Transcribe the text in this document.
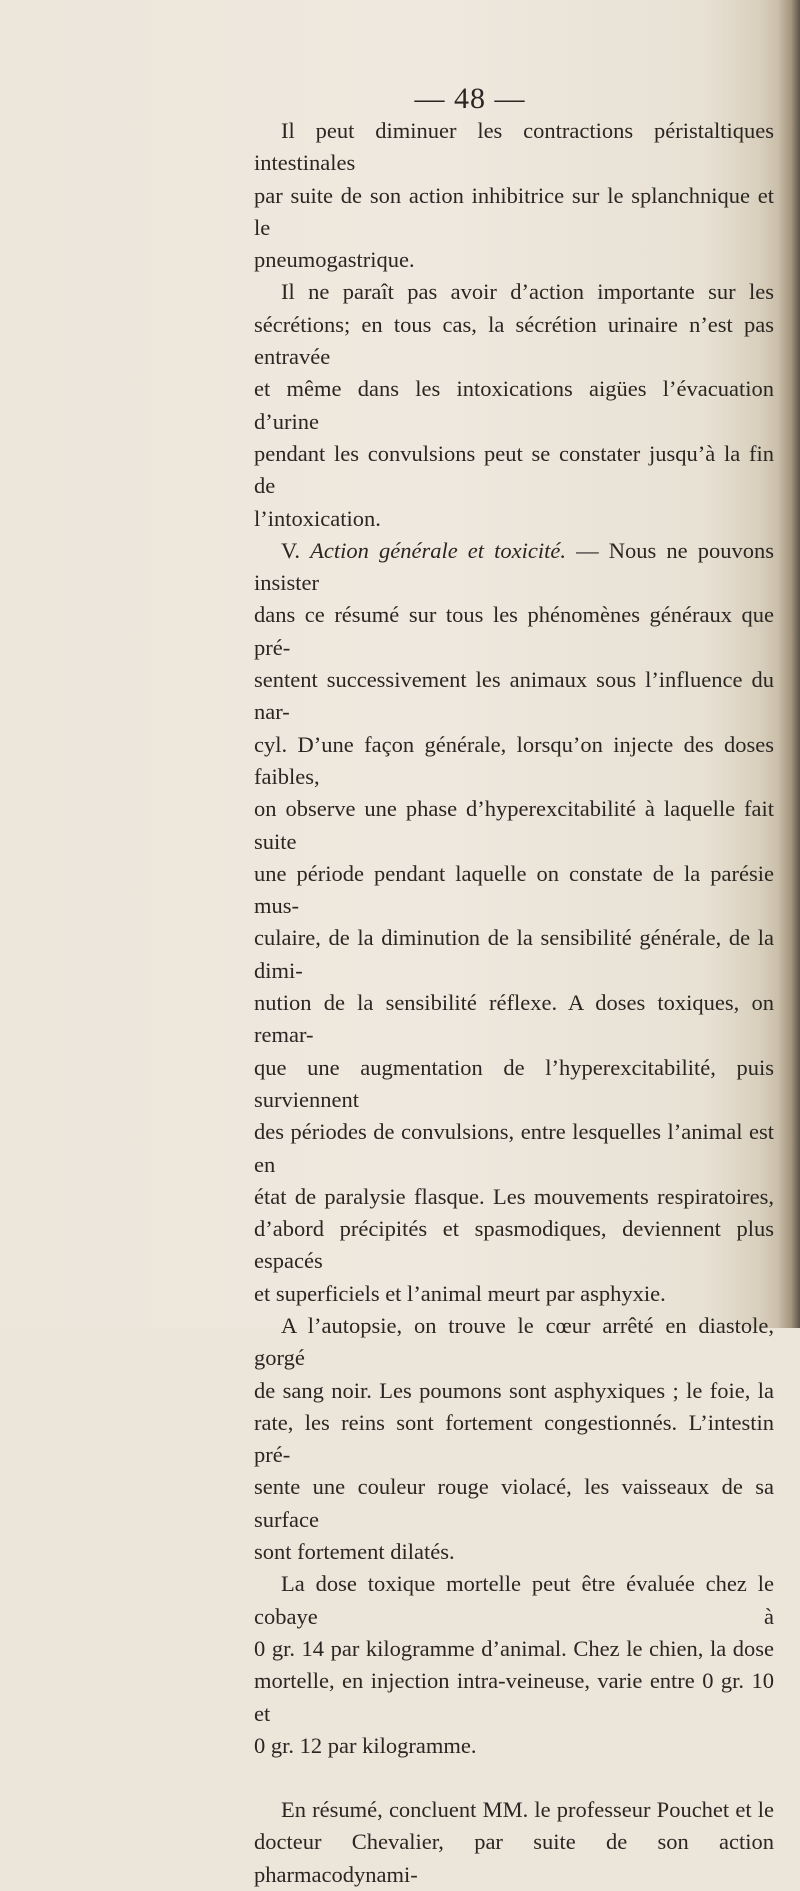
— 48 —

Il peut diminuer les contractions péristaltiques intestinales

par suite de son action inhibitrice sur le splanchnique et le

pneumogastrique.

Il ne paraît pas avoir d’action importante sur les

sécrétions; en tous cas, la sécrétion urinaire n’est pas entravée

et même dans les intoxications aigües l’évacuation d’urine

pendant les convulsions peut se constater jusqu’à la fin de

l’intoxication.

V. Action générale et toxicité. — Nous ne pouvons insister

dans ce résumé sur tous les phénomènes généraux que pré-

sentent successivement les animaux sous l’influence du nar-

cyl. D’une façon générale, lorsqu’on injecte des doses faibles,

on observe une phase d’hyperexcitabilité à laquelle fait suite

une période pendant laquelle on constate de la parésie mus-

culaire, de la diminution de la sensibilité générale, de la dimi-

nution de la sensibilité réflexe. A doses toxiques, on remar-

que une augmentation de l’hyperexcitabilité, puis surviennent

des périodes de convulsions, entre lesquelles l’animal est en

état de paralysie flasque. Les mouvements respiratoires,

d’abord précipités et spasmodiques, deviennent plus espacés

et superficiels et l’animal meurt par asphyxie.

A l’autopsie, on trouve le cœur arrêté en diastole, gorgé

de sang noir. Les poumons sont asphyxiques ; le foie, la

rate, les reins sont fortement congestionnés. L’intestin pré-

sente une couleur rouge violacé, les vaisseaux de sa surface

sont fortement dilatés.

La dose toxique mortelle peut être évaluée chez le cobaye à

0 gr. 14 par kilogramme d’animal. Chez le chien, la dose

mortelle, en injection intra-veineuse, varie entre 0 gr. 10 et

0 gr. 12 par kilogramme.

En résumé, concluent MM. le professeur Pouchet et le

docteur Chevalier, par suite de son action pharmacodynami-
